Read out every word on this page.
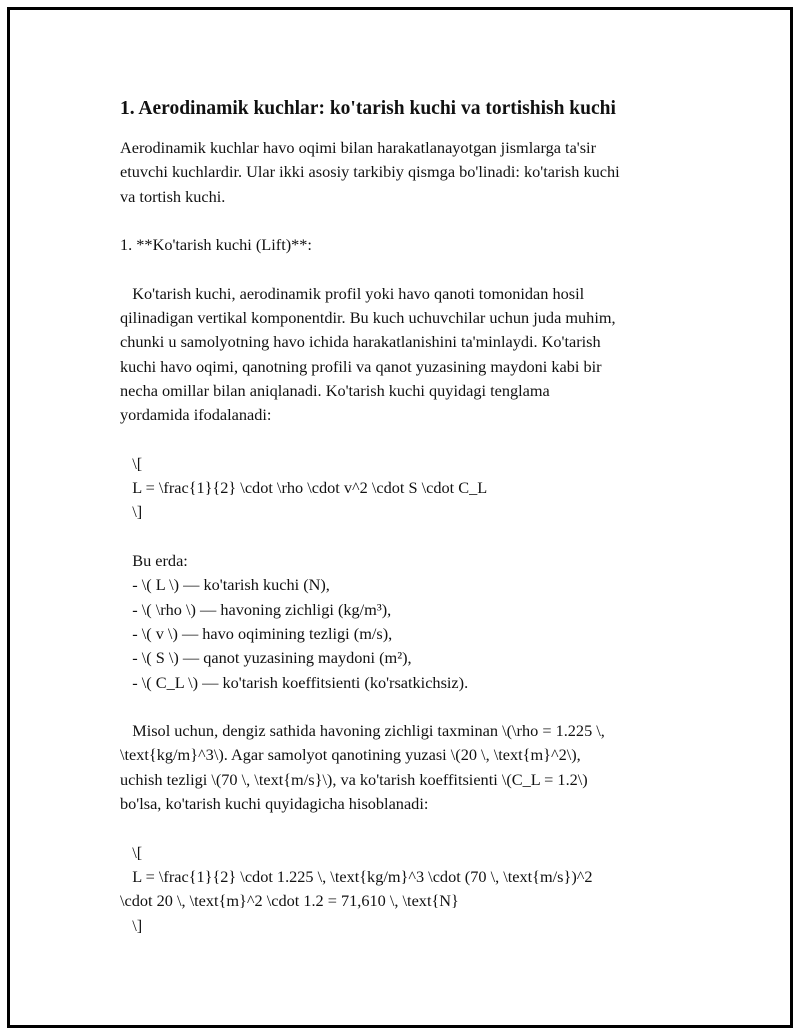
1. Aerodinamik kuchlar: ko'tarish kuchi va tortishish kuchi

Aerodinamik kuchlar havo oqimi bilan harakatlanayotgan jismlarga ta'sir

etuvchi kuchlardir. Ular ikki asosiy tarkibiy qismga bo'linadi: ko'tarish kuchi

va tortish kuchi.

1. **Ko'tarish kuchi (Lift)**:

Ko'tarish kuchi, aerodinamik profil yoki havo qanoti tomonidan hosil

qilinadigan vertikal komponentdir. Bu kuch uchuvchilar uchun juda muhim,

chunki u samolyotning havo ichida harakatlanishini ta'minlaydi. Ko'tarish

kuchi havo oqimi, qanotning profili va qanot yuzasining maydoni kabi bir

necha omillar bilan aniqlanadi. Ko'tarish kuchi quyidagi tenglama

yordamida ifodalanadi:

\[

L = \frac{1}{2} \cdot \rho \cdot v^2 \cdot S \cdot C_L

\]

Bu erda:

- \( L \) — ko'tarish kuchi (N),

- \( \rho \) — havoning zichligi (kg/m³),

- \( v \) — havo oqimining tezligi (m/s),

- \( S \) — qanot yuzasining maydoni (m²),

- \( C_L \) — ko'tarish koeffitsienti (ko'rsatkichsiz).

Misol uchun, dengiz sathida havoning zichligi taxminan \(\rho = 1.225 \,

\text{kg/m}^3\). Agar samolyot qanotining yuzasi \(20 \, \text{m}^2\),

uchish tezligi \(70 \, \text{m/s}\), va ko'tarish koeffitsienti \(C_L = 1.2\)

bo'lsa, ko'tarish kuchi quyidagicha hisoblanadi:

\[

L = \frac{1}{2} \cdot 1.225 \, \text{kg/m}^3 \cdot (70 \, \text{m/s})^2

\cdot 20 \, \text{m}^2 \cdot 1.2 = 71,610 \, \text{N}

\]
